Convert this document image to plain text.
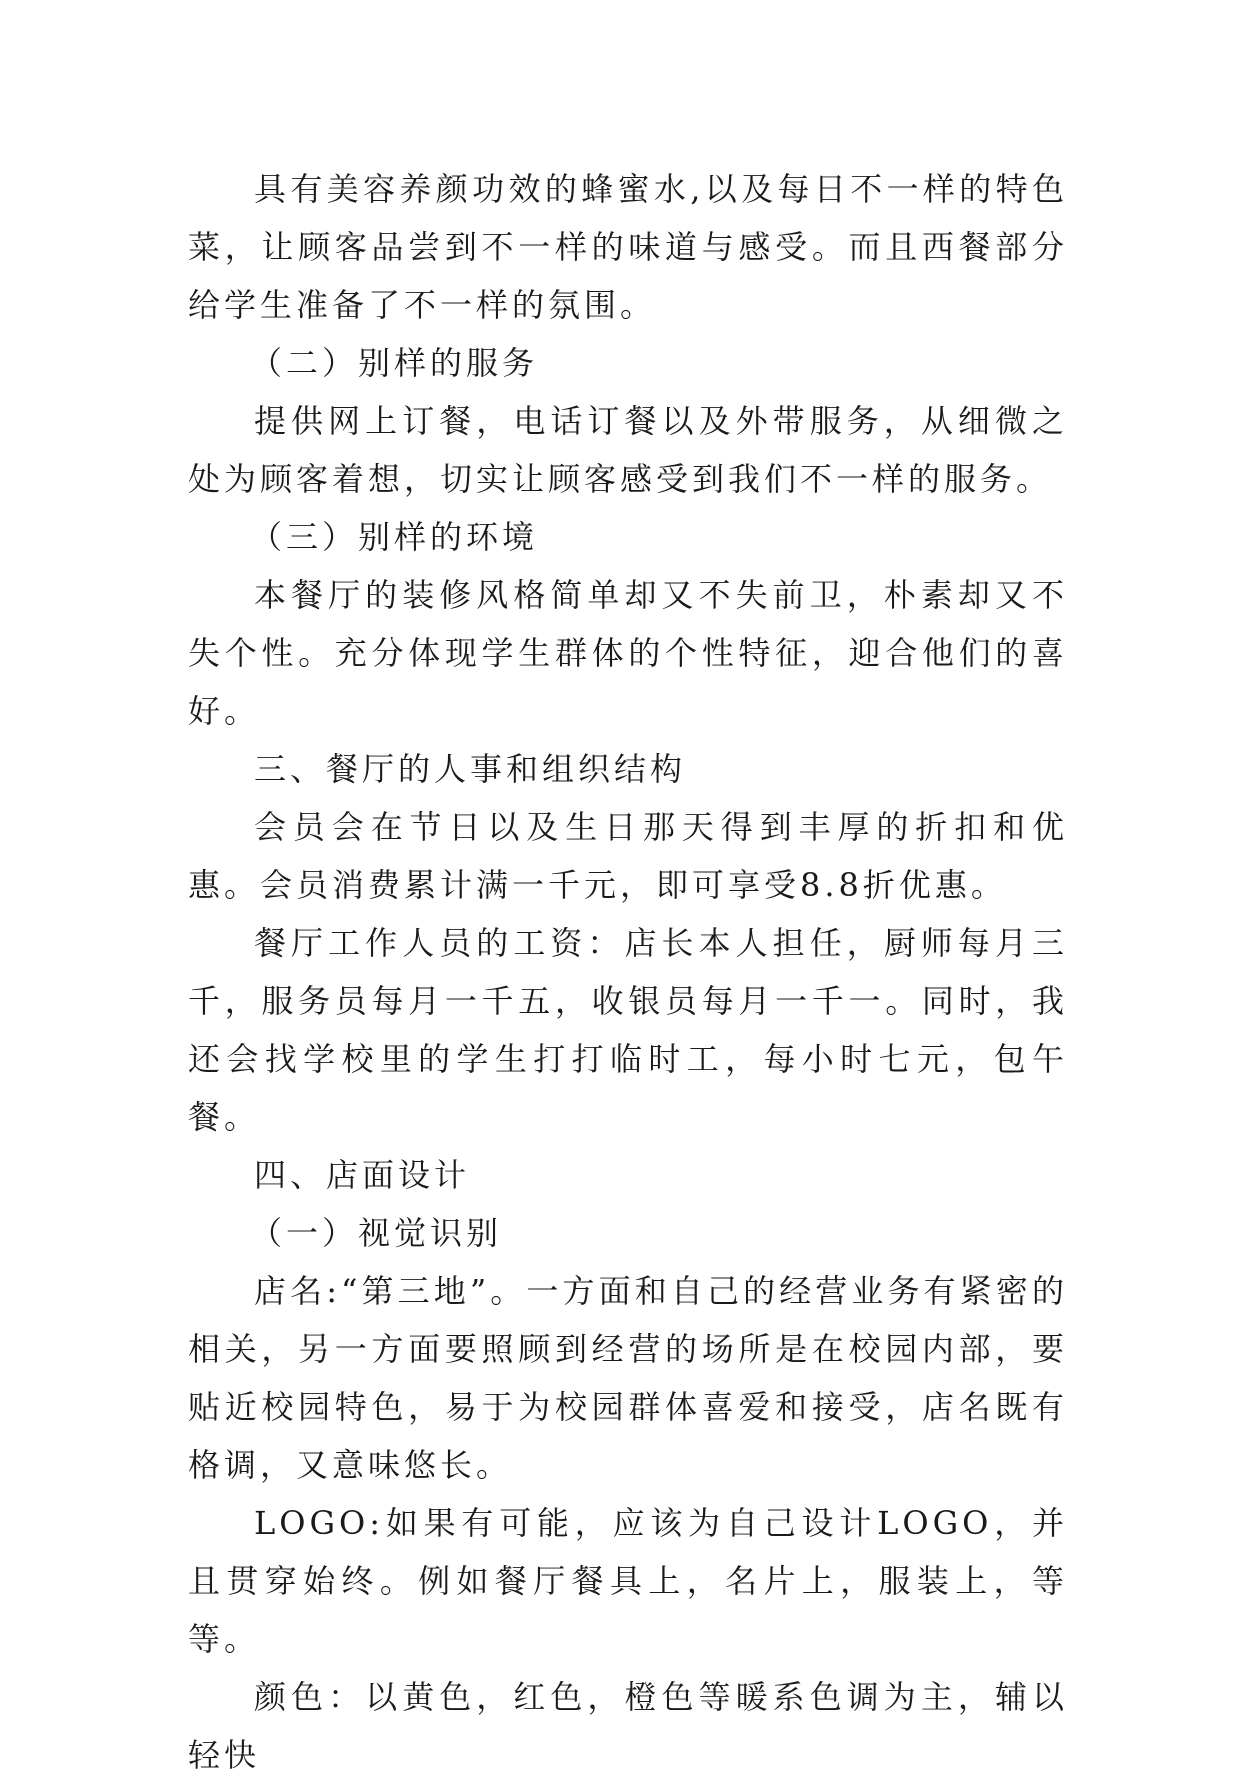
具有美容养颜功效的蜂蜜水,以及每日不一样的特色菜，让顾客品尝到不一样的味道与感受。而且西餐部分给学生准备了不一样的氛围。

（二）别样的服务

提供网上订餐，电话订餐以及外带服务，从细微之处为顾客着想，切实让顾客感受到我们不一样的服务。

（三）别样的环境

本餐厅的装修风格简单却又不失前卫，朴素却又不失个性。充分体现学生群体的个性特征，迎合他们的喜好。

三、餐厅的人事和组织结构

会员会在节日以及生日那天得到丰厚的折扣和优惠。会员消费累计满一千元，即可享受8.8折优惠。

餐厅工作人员的工资：店长本人担任，厨师每月三千，服务员每月一千五，收银员每月一千一。同时，我还会找学校里的学生打打临时工，每小时七元，包午餐。

四、店面设计

（一）视觉识别

店名:“第三地”。一方面和自己的经营业务有紧密的相关，另一方面要照顾到经营的场所是在校园内部，要贴近校园特色，易于为校园群体喜爱和接受，店名既有格调，又意味悠长。

LOGO:如果有可能，应该为自己设计LOGO，并且贯穿始终。例如餐厅餐具上，名片上，服装上，等等。

颜色：以黄色，红色，橙色等暖系色调为主，辅以轻快
